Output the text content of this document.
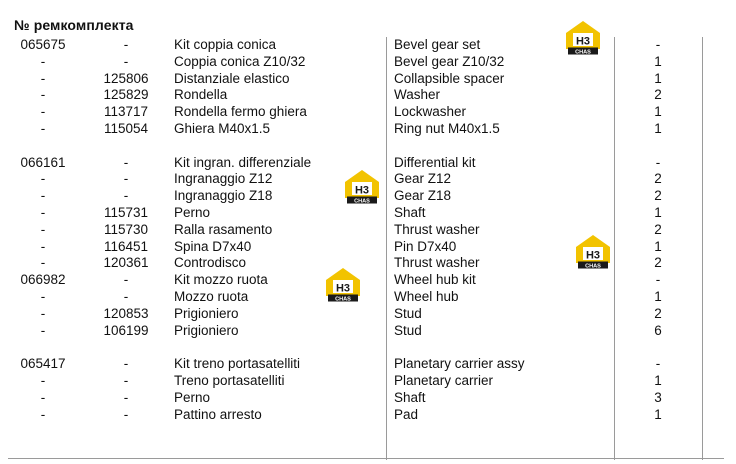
№ ремкомплекта
065675	-	Kit coppia conica	Bevel gear set	-
-	-	Coppia conica Z10/32	Bevel gear Z10/32	1
-	125806	Distanziale elastico	Collapsible spacer	1
-	125829	Rondella	Washer	2
-	113717	Rondella fermo ghiera	Lockwasher	1
-	115054	Ghiera M40x1.5	Ring nut M40x1.5	1
066161	-	Kit ingran. differenziale	Differential kit	-
-	-	Ingranaggio Z12	Gear Z12	2
-	-	Ingranaggio Z18	Gear Z18	2
-	115731	Perno	Shaft	1
-	115730	Ralla rasamento	Thrust washer	2
-	116451	Spina D7x40	Pin D7x40	1
-	120361	Controdisco	Thrust washer	2
066982	-	Kit mozzo ruota	Wheel hub kit	-
-	-	Mozzo ruota	Wheel hub	1
-	120853	Prigioniero	Stud	2
-	106199	Prigioniero	Stud	6
065417	-	Kit treno portasatelliti	Planetary carrier assy	-
-	-	Treno portasatelliti	Planetary carrier	1
-	-	Perno	Shaft	3
-	-	Pattino arresto	Pad	1
H3
CHAS
H3
CHAS
H3
CHAS
H3
CHAS
